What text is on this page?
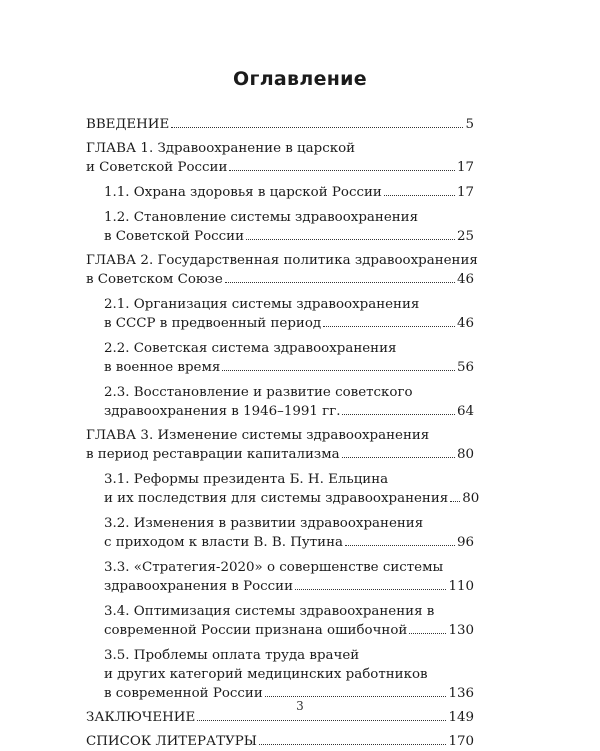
Оглавление
ВВЕДЕНИЕ	5
ГЛАВА 1. Здравоохранение в царской
и Советской России	17
1.1. Охрана здоровья в царской России	17
1.2. Становление системы здравоохранения
в Советской России	25
ГЛАВА 2. Государственная политика здравоохранения
в Советском Союзе	46
2.1. Организация системы здравоохранения
в СССР в предвоенный период	46
2.2. Советская система здравоохранения
в военное время	56
2.3. Восстановление и развитие советского
здравоохранения в 1946–1991 гг.	64
ГЛАВА 3. Изменение системы здравоохранения
в период реставрации капитализма	80
3.1. Реформы президента Б. Н. Ельцина
и их последствия для системы здравоохранения 80
3.2. Изменения в развитии здравоохранения
с приходом к власти В. В. Путина	96
3.3. «Стратегия-2020» о совершенстве системы
здравоохранения в России	110
3.4. Оптимизация системы здравоохранения в
современной России признана ошибочной	130
3.5. Проблемы оплата труда врачей
и других категорий медицинских работников
в современной России	136
ЗАКЛЮЧЕНИЕ	149
СПИСОК ЛИТЕРАТУРЫ	170
3
